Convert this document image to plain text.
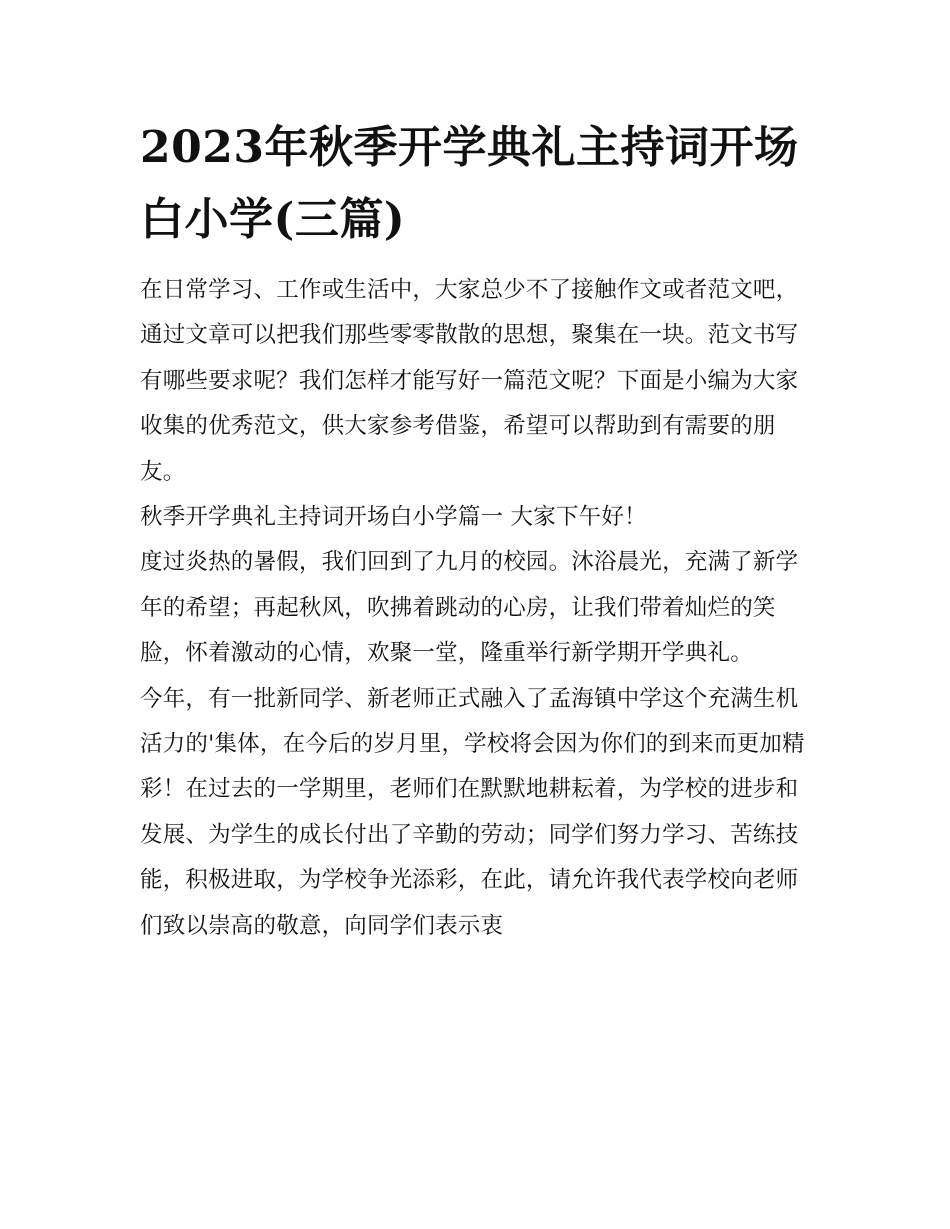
2023年秋季开学典礼主持词开场白小学(三篇)

在日常学习、工作或生活中，大家总少不了接触作文或者范文吧，通过文章可以把我们那些零零散散的思想，聚集在一块。范文书写有哪些要求呢？我们怎样才能写好一篇范文呢？下面是小编为大家收集的优秀范文，供大家参考借鉴，希望可以帮助到有需要的朋友。

秋季开学典礼主持词开场白小学篇一 大家下午好！

度过炎热的暑假，我们回到了九月的校园。沐浴晨光，充满了新学年的希望；再起秋风，吹拂着跳动的心房，让我们带着灿烂的笑脸，怀着激动的心情，欢聚一堂，隆重举行新学期开学典礼。

今年，有一批新同学、新老师正式融入了孟海镇中学这个充满生机活力的'集体，在今后的岁月里，学校将会因为你们的到来而更加精彩！在过去的一学期里，老师们在默默地耕耘着，为学校的进步和发展、为学生的成长付出了辛勤的劳动；同学们努力学习、苦练技能，积极进取，为学校争光添彩，在此，请允许我代表学校向老师们致以崇高的敬意，向同学们表示衷
